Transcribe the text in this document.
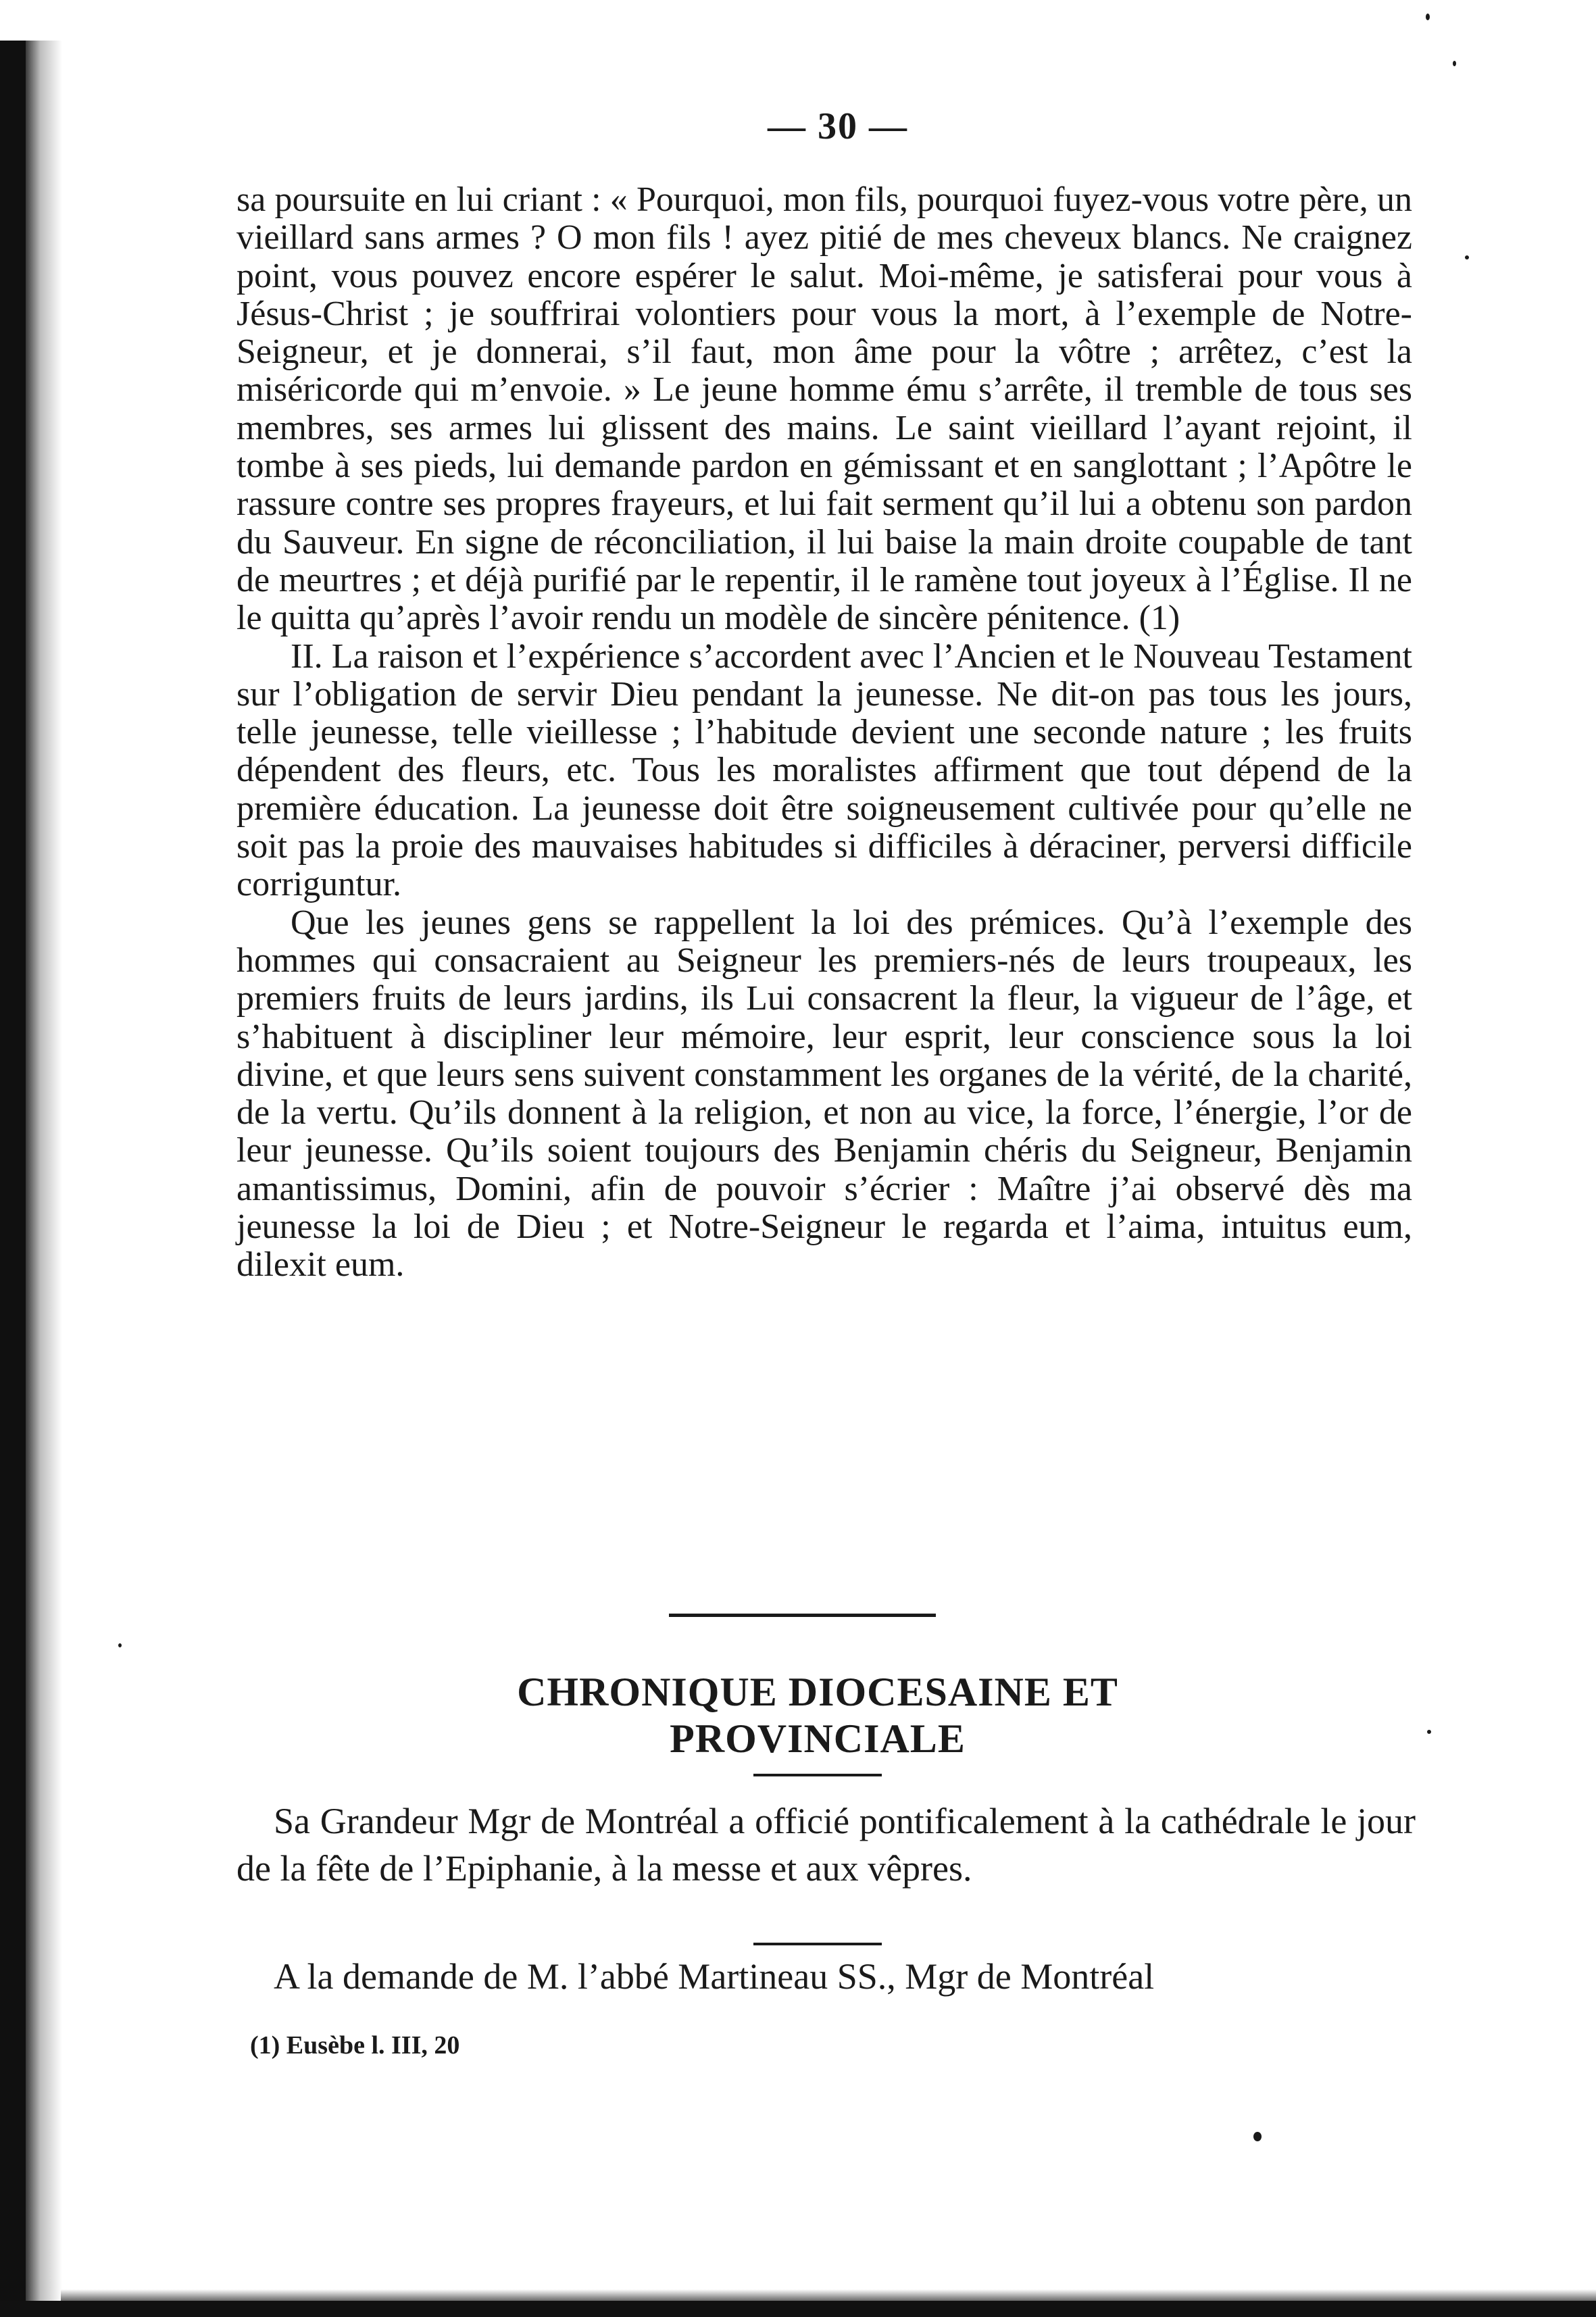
— 30 —

sa poursuite en lui criant : « Pourquoi, mon fils, pourquoi fuyez-vous votre père, un vieillard sans armes ? O mon fils ! ayez pitié de mes cheveux blancs. Ne craignez point, vous pouvez encore espérer le salut. Moi-même, je satisferai pour vous à Jésus-Christ ; je souffrirai volontiers pour vous la mort, à l’exemple de Notre-Seigneur, et je donnerai, s’il faut, mon âme pour la vôtre ; arrêtez, c’est la miséricorde qui m’envoie. » Le jeune homme ému s’arrête, il tremble de tous ses membres, ses armes lui glissent des mains. Le saint vieillard l’ayant rejoint, il tombe à ses pieds, lui demande pardon en gémissant et en sanglottant ; l’Apôtre le rassure contre ses propres frayeurs, et lui fait serment qu’il lui a obtenu son pardon du Sauveur. En signe de réconciliation, il lui baise la main droite coupable de tant de meurtres ; et déjà purifié par le repentir, il le ramène tout joyeux à l’Église. Il ne le quitta qu’après l’avoir rendu un modèle de sincère pénitence. (1)

II. La raison et l’expérience s’accordent avec l’Ancien et le Nouveau Testament sur l’obligation de servir Dieu pendant la jeunesse. Ne dit-on pas tous les jours, telle jeunesse, telle vieillesse ; l’habitude devient une seconde nature ; les fruits dépendent des fleurs, etc. Tous les moralistes affirment que tout dépend de la première éducation. La jeunesse doit être soigneusement cultivée pour qu’elle ne soit pas la proie des mauvaises habitudes si difficiles à déraciner, perversi difficile corriguntur.

Que les jeunes gens se rappellent la loi des prémices. Qu’à l’exemple des hommes qui consacraient au Seigneur les premiers-nés de leurs troupeaux, les premiers fruits de leurs jardins, ils Lui consacrent la fleur, la vigueur de l’âge, et s’habituent à discipliner leur mémoire, leur esprit, leur conscience sous la loi divine, et que leurs sens suivent constamment les organes de la vérité, de la charité, de la vertu. Qu’ils donnent à la religion, et non au vice, la force, l’énergie, l’or de leur jeunesse. Qu’ils soient toujours des Benjamin chéris du Seigneur, Benjamin amantissimus, Domini, afin de pouvoir s’écrier : Maître j’ai observé dès ma jeunesse la loi de Dieu ; et Notre-Seigneur le regarda et l’aima, intuitus eum, dilexit eum.

CHRONIQUE DIOCESAINE ET PROVINCIALE

Sa Grandeur Mgr de Montréal a officié pontificalement à la cathédrale le jour de la fête de l’Epiphanie, à la messe et aux vêpres.

A la demande de M. l’abbé Martineau SS., Mgr de Montréal

(1) Eusèbe l. III, 20
